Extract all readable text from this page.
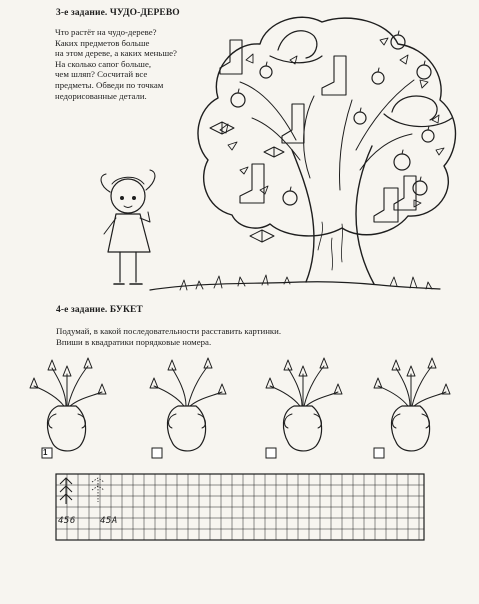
3-е задание. ЧУДО-ДЕРЕВО
Что растёт на чудо-дереве?
Каких предметов больше
на этом дереве, а каких меньше?
На сколько сапог больше,
чем шляп? Сосчитай все
предметы. Обведи по точкам
недорисованные детали.
4-е задание. БУКЕТ
Подумай, в какой последовательности расставить картинки.
Впиши в квадратики порядковые номера.
1
456	45А
